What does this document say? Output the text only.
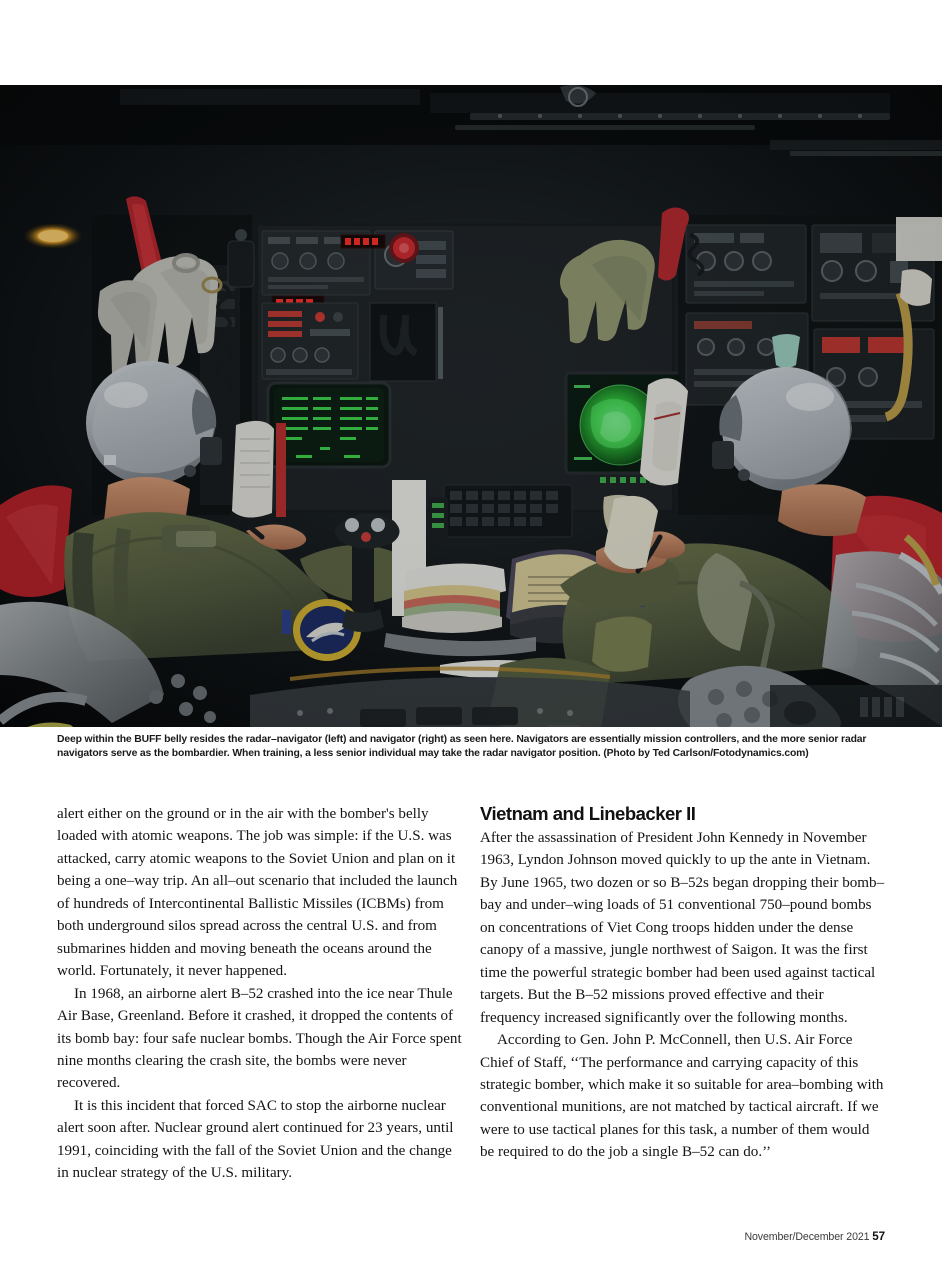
Deep within the BUFF belly resides the radar–navigator (left) and navigator (right) as seen here. Navigators are essentially mission controllers, and the more senior radar navigators serve as the bombardier. When training, a less senior individual may take the radar navigator position. (Photo by Ted Carlson/Fotodynamics.com)

alert either on the ground or in the air with the bomber's belly loaded with atomic weapons. The job was simple: if the U.S. was attacked, carry atomic weapons to the Soviet Union and plan on it being a one–way trip. An all–out scenario that included the launch of hundreds of Intercontinental Ballistic Missiles (ICBMs) from both underground silos spread across the central U.S. and from submarines hidden and moving beneath the oceans around the world. Fortunately, it never happened.

In 1968, an airborne alert B–52 crashed into the ice near Thule Air Base, Greenland. Before it crashed, it dropped the contents of its bomb bay: four safe nuclear bombs. Though the Air Force spent nine months clearing the crash site, the bombs were never recovered.

It is this incident that forced SAC to stop the airborne nuclear alert soon after. Nuclear ground alert continued for 23 years, until 1991, coinciding with the fall of the Soviet Union and the change in nuclear strategy of the U.S. military.

Vietnam and Linebacker II

After the assassination of President John Kennedy in November 1963, Lyndon Johnson moved quickly to up the ante in Vietnam. By June 1965, two dozen or so B–52s began dropping their bomb–bay and under–wing loads of 51 conventional 750–pound bombs on concentrations of Viet Cong troops hidden under the dense canopy of a massive, jungle northwest of Saigon. It was the first time the powerful strategic bomber had been used against tactical targets. But the B–52 missions proved effective and their frequency increased significantly over the following months.

According to Gen. John P. McConnell, then U.S. Air Force Chief of Staff, ‘‘The performance and carrying capacity of this strategic bomber, which make it so suitable for area–bombing with conventional munitions, are not matched by tactical aircraft. If we were to use tactical planes for this task, a number of them would be required to do the job a single B–52 can do.’’

November/December 2021 57
